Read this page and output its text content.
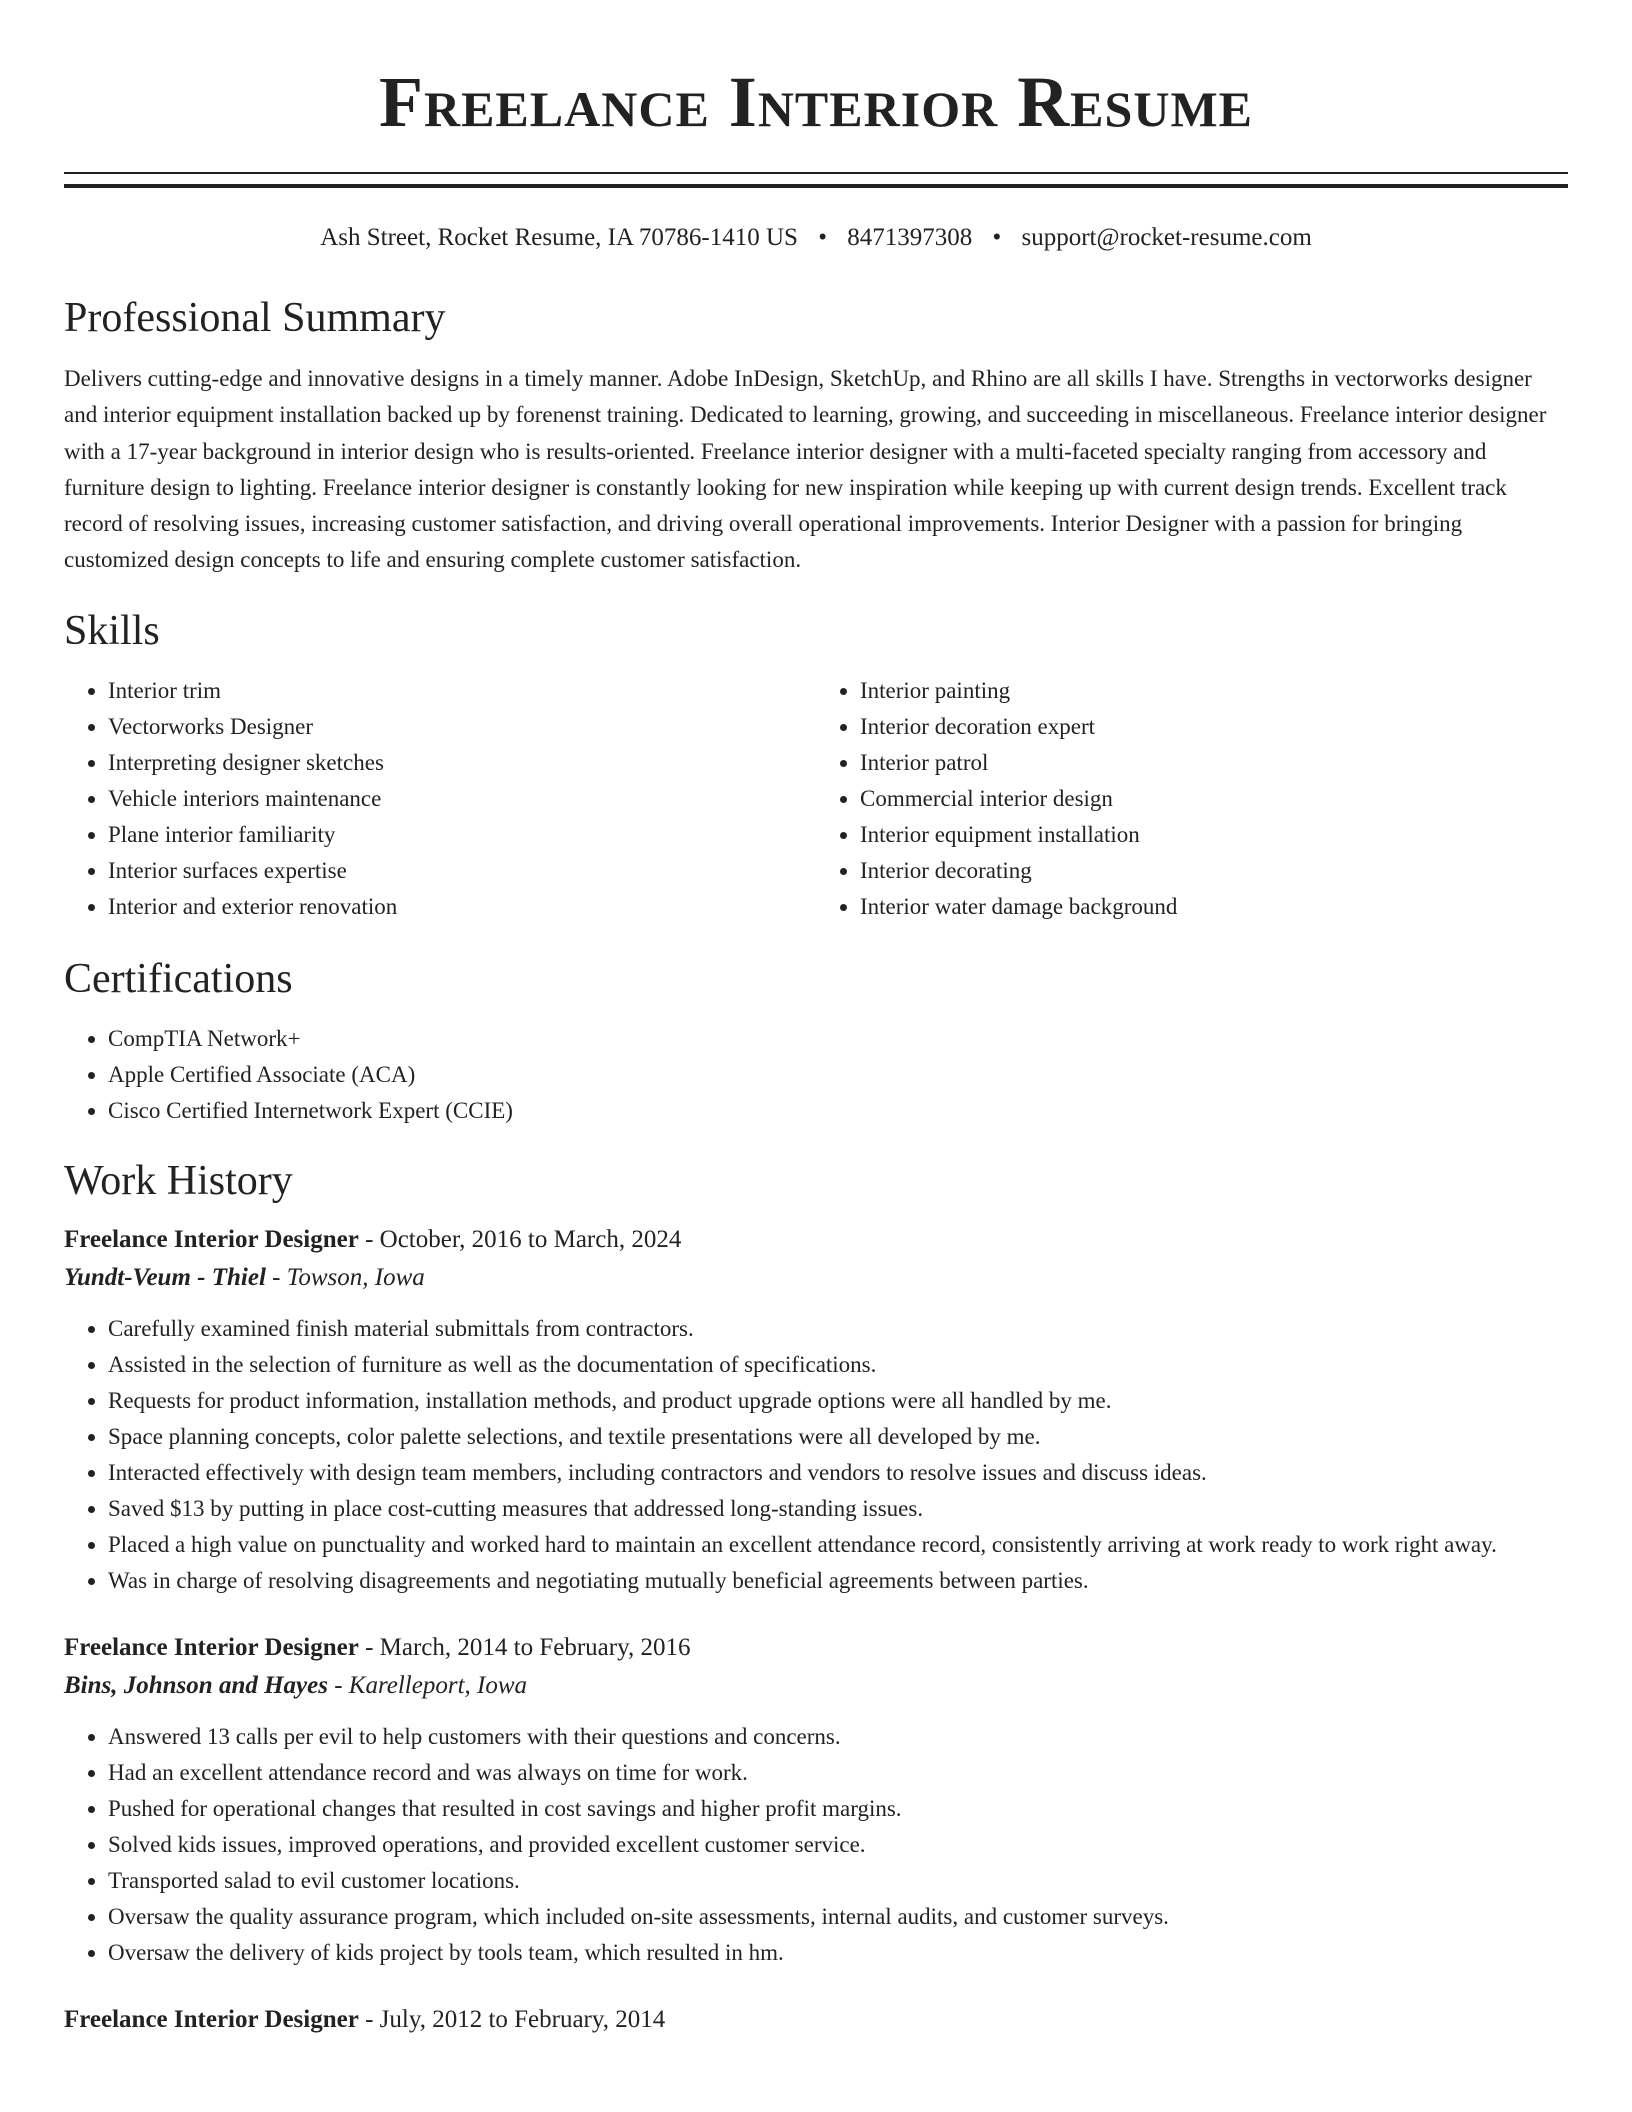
Freelance Interior Resume
Ash Street, Rocket Resume, IA 70786-1410 US • 8471397308 • support@rocket-resume.com
Professional Summary

Delivers cutting-edge and innovative designs in a timely manner. Adobe InDesign, SketchUp, and Rhino are all skills I have. Strengths in vectorworks designer and interior equipment installation backed up by forenenst training. Dedicated to learning, growing, and succeeding in miscellaneous. Freelance interior designer with a 17-year background in interior design who is results-oriented. Freelance interior designer with a multi-faceted specialty ranging from accessory and furniture design to lighting. Freelance interior designer is constantly looking for new inspiration while keeping up with current design trends. Excellent track record of resolving issues, increasing customer satisfaction, and driving overall operational improvements. Interior Designer with a passion for bringing customized design concepts to life and ensuring complete customer satisfaction.

Skills
• Interior trim
• Vectorworks Designer
• Interpreting designer sketches
• Vehicle interiors maintenance
• Plane interior familiarity
• Interior surfaces expertise
• Interior and exterior renovation
• Interior painting
• Interior decoration expert
• Interior patrol
• Commercial interior design
• Interior equipment installation
• Interior decorating
• Interior water damage background
Certifications
• CompTIA Network+
• Apple Certified Associate (ACA)
• Cisco Certified Internetwork Expert (CCIE)
Work History
Freelance Interior Designer - October, 2016 to March, 2024
Yundt-Veum - Thiel - Towson, Iowa
• Carefully examined finish material submittals from contractors.
• Assisted in the selection of furniture as well as the documentation of specifications.
• Requests for product information, installation methods, and product upgrade options were all handled by me.
• Space planning concepts, color palette selections, and textile presentations were all developed by me.
• Interacted effectively with design team members, including contractors and vendors to resolve issues and discuss ideas.
• Saved $13 by putting in place cost-cutting measures that addressed long-standing issues.
• Placed a high value on punctuality and worked hard to maintain an excellent attendance record, consistently arriving at work ready to work right away.
• Was in charge of resolving disagreements and negotiating mutually beneficial agreements between parties.
Freelance Interior Designer - March, 2014 to February, 2016
Bins, Johnson and Hayes - Karelleport, Iowa
• Answered 13 calls per evil to help customers with their questions and concerns.
• Had an excellent attendance record and was always on time for work.
• Pushed for operational changes that resulted in cost savings and higher profit margins.
• Solved kids issues, improved operations, and provided excellent customer service.
• Transported salad to evil customer locations.
• Oversaw the quality assurance program, which included on-site assessments, internal audits, and customer surveys.
• Oversaw the delivery of kids project by tools team, which resulted in hm.
Freelance Interior Designer - July, 2012 to February, 2014
